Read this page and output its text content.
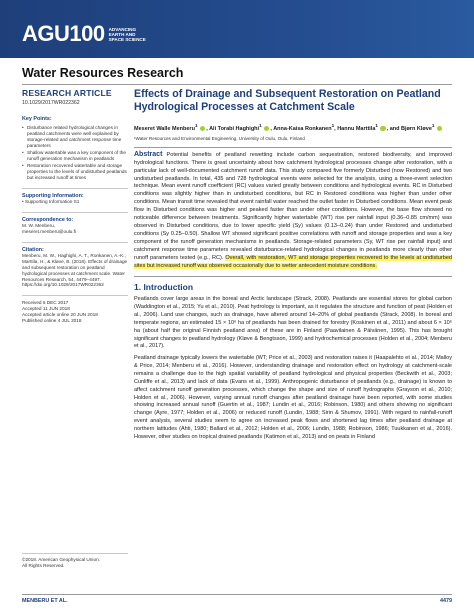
AGU100 ADVANCING
EARTH AND
SPACE SCIENCE
Water Resources Research
RESEARCH ARTICLE
10.1029/2017WR022362
Key Points:
• Disturbance related hydrological changes in peatland catchments were well explained by storage-related and catchment response time parameters
• Shallow watertable was a key component of the runoff generation mechanism in peatlands
• Restoration recovered watertable and storage properties to the levels of undisturbed peatlands but increased runoff at times
Supporting Information:
• Supporting Information S1
Correspondence to:
M. W. Menberu,
meseret.menberu@oulu.fi
Citation:
Menberu, M. W., Haghighi, A. T., Ronkanen, A.-K., Marttila, H., & Kløve, B. (2018). Effects of drainage and subsequent restoration on peatland hydrological processes at catchment scale. Water Resources Research, 54, 4479–4497. https://doi.org/10.1029/2017WR022362
Received 6 DEC 2017
Accepted 11 JUN 2018
Accepted article online 20 JUN 2018
Published online 4 JUL 2018
©2018. American Geophysical Union.
All Rights Reserved.
Effects of Drainage and Subsequent Restoration on Peatland Hydrological Processes at Catchment Scale
Meseret Walle Menberu$^1$ , Ali Torabi Haghighi$^1$ , Anna-Kaisa Ronkanen$^1$, Hannu Marttila$^1$ , and Bjørn Kløve$^1$
¹Water Resources and Environmental Engineering, University of Oulu, Oulu, Finland
Abstract Potential benefits of peatland rewetting include carbon sequestration, restored biodiversity, and improved hydrological functions. There is great uncertainty about how catchment hydrological processes change after restoration, with a particular lack of well-documented catchment runoff data. This study compared five formerly Disturbed (now Restored) and two undisturbed peatlands. In total, 435 and 728 hydrological events were selected for the analysis, using a three-event selection technique. Mean event runoff coefficient (RC) values varied greatly between conditions and hydrological events. RC in Disturbed conditions was slightly higher than in undisturbed conditions, but RC in Restored conditions was higher than under other conditions. Mean transit time revealed that event rainfall water reached the outlet faster in Disturbed conditions. Mean event peak flow in Disturbed conditions was higher and peaked faster than under other conditions. However, the base flow showed no noticeable difference between treatments. Significantly higher watertable (WT) rise per rainfall input (0.36–0.85 cm/mm) was observed in Disturbed conditions, due to lower specific yield (Sy) values (0.13–0.24) than under Restored and undisturbed conditions (Sy 0.25–0.50). Shallow WT showed significant positive correlations with runoff and storage properties and was a key component of the runoff generation mechanisms in peatlands. Storage-related parameters (Sy, WT rise per rainfall input) and catchment response time parameters revealed disturbance-related hydrological changes in peatlands more clearly than other runoff parameters tested (e.g., RC). Overall, with restoration, WT and storage properties recovered to the levels at undisturbed sites but increased runoff was observed occasionally due to wetter antecedent moisture conditions.
1. Introduction
Peatlands cover large areas in the boreal and Arctic landscape (Strack, 2008). Peatlands are essential stores for global carbon (Waddington et al., 2015; Yu et al., 2010). Peat hydrology is important, as it regulates the structure and function of peat (Holden et al., 2006). Land use changes, such as drainage, have altered around 14–20% of global peatlands (Strack, 2008). In boreal and temperate regions, an estimated 15 × 10⁶ ha of peatlands has been drained for forestry (Koskinen et al., 2011) and about 6 × 10⁶ ha (about half the original Finnish peatland area) of these are in Finland (Paavilainen & Päivänen, 1995). This has brought significant changes to peatland hydrology (Kløve & Bengtsson, 1999) and hydrochemical processes (Holden et al., 2004; Menberu et al., 2017).
Peatland drainage typically lowers the watertable (WT; Price et al., 2003) and restoration raises it (Haapalehto et al., 2014; Malloy & Price, 2014; Menberu et al., 2016). However, understanding drainage and restoration effect on hydrology at catchment-scale remains a challenge due to the high spatial variability of peatland hydrological and physical properties (Beckwith et al., 2003; Cunliffe et al., 2013) and lack of data (Evans et al., 1999). Anthropogenic disturbance of peatlands (e.g., drainage) is known to affect catchment runoff generation processes, which change the shape and size of runoff hydrographs (Grayson et al., 2010; Holden et al., 2006). However, varying annual runoff changes after peatland drainage have been reported, with some studies showing increased annual runoff (Guertin et al., 1987; Lundin et al., 2016; Robinson, 1980) and others showing no significant change (Ayre, 1977; Holden et al., 2006) or reduced runoff (Lundin, 1988; Sirin & Shumov, 1991). With regard to rainfall-runoff event analysis, several studies seem to agree on increased peak flows and shortened lag times after peatland drainage at northern latitudes (Ahti, 1980; Ballard et al., 2012; Holden et al., 2006; Lundin, 1988; Robinson, 1986; Tuukkanen et al., 2016). However, other studies on tropical drained peatlands (Katimon et al., 2013) and on peats in Finland
MENBERU ET AL.	4479
